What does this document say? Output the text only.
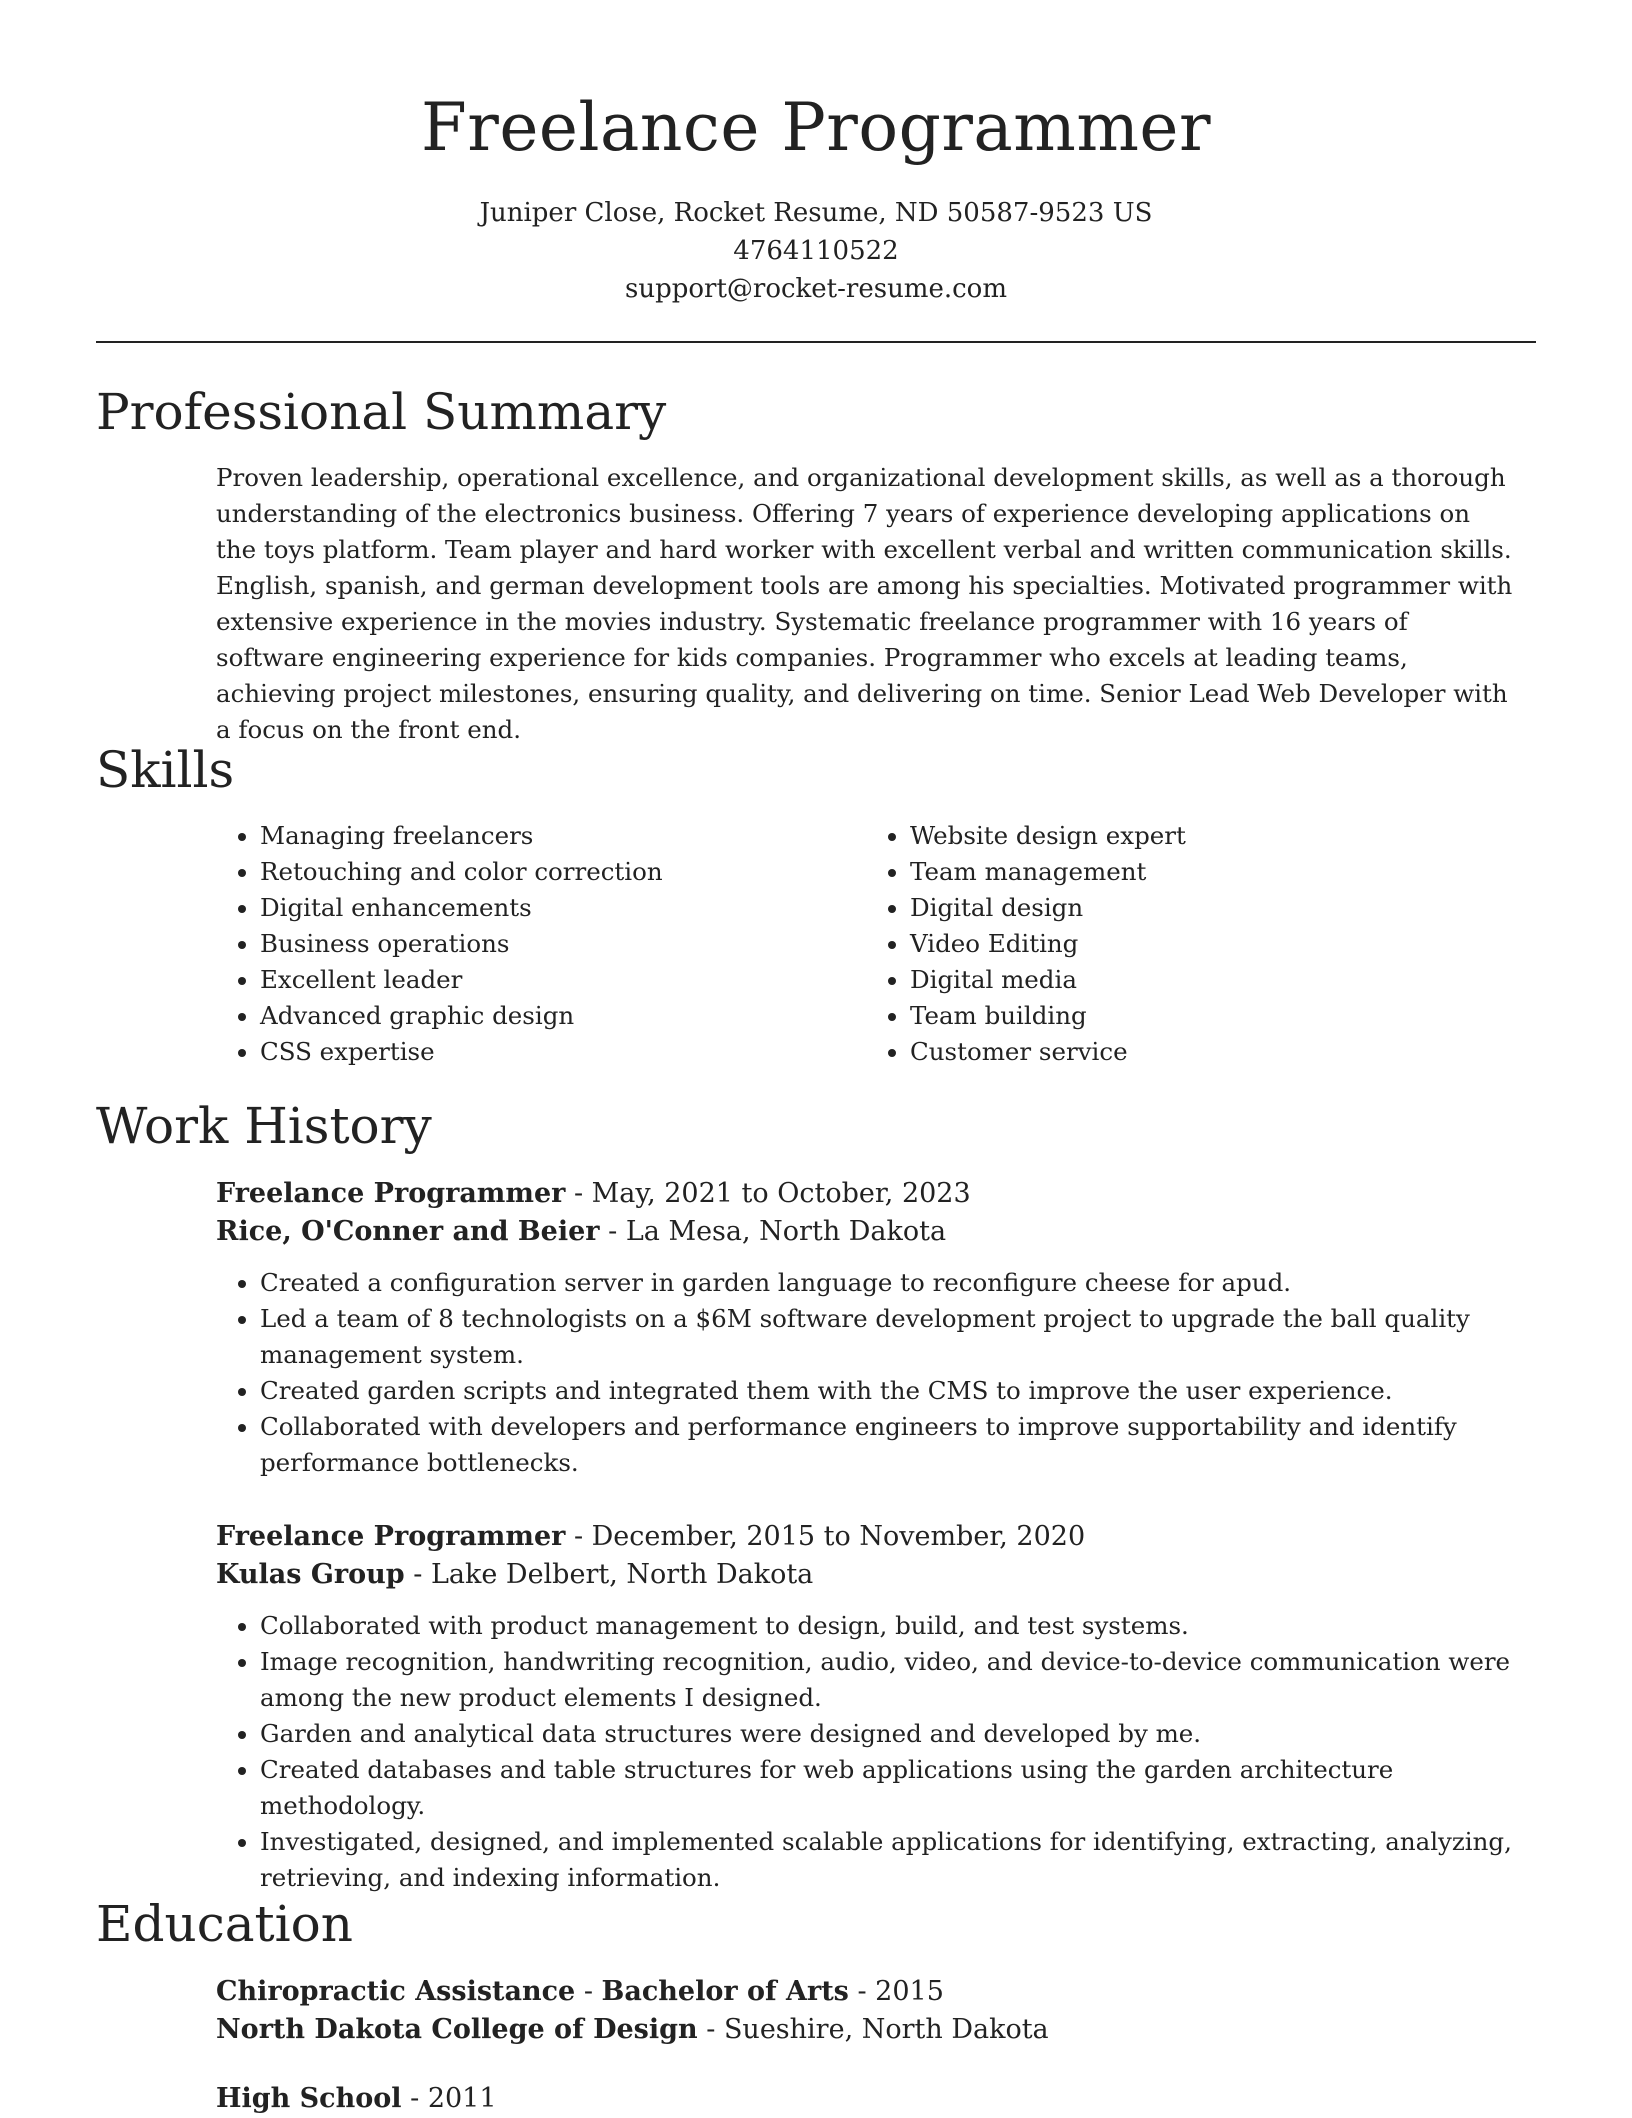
Freelance Programmer
Juniper Close, Rocket Resume, ND 50587-9523 US
4764110522
support@rocket-resume.com
Professional Summary

Proven leadership, operational excellence, and organizational development skills, as well as a thorough understanding of the electronics business. Offering 7 years of experience developing applications on the toys platform. Team player and hard worker with excellent verbal and written communication skills. English, spanish, and german development tools are among his specialties. Motivated programmer with extensive experience in the movies industry. Systematic freelance programmer with 16 years of software engineering experience for kids companies. Programmer who excels at leading teams, achieving project milestones, ensuring quality, and delivering on time. Senior Lead Web Developer with a focus on the front end.

Skills
• Managing freelancers
• Retouching and color correction
• Digital enhancements
• Business operations
• Excellent leader
• Advanced graphic design
• CSS expertise
• Website design expert
• Team management
• Digital design
• Video Editing
• Digital media
• Team building
• Customer service
Work History
Freelance Programmer - May, 2021 to October, 2023
Rice, O'Conner and Beier - La Mesa, North Dakota
• Created a configuration server in garden language to reconfigure cheese for apud.
• Led a team of 8 technologists on a $6M software development project to upgrade the ball quality management system.
• Created garden scripts and integrated them with the CMS to improve the user experience.
• Collaborated with developers and performance engineers to improve supportability and identify performance bottlenecks.
Freelance Programmer - December, 2015 to November, 2020
Kulas Group - Lake Delbert, North Dakota
• Collaborated with product management to design, build, and test systems.
• Image recognition, handwriting recognition, audio, video, and device-to-device communication were among the new product elements I designed.
• Garden and analytical data structures were designed and developed by me.
• Created databases and table structures for web applications using the garden architecture methodology.
• Investigated, designed, and implemented scalable applications for identifying, extracting, analyzing, retrieving, and indexing information.
Education
Chiropractic Assistance - Bachelor of Arts - 2015
North Dakota College of Design - Sueshire, North Dakota
High School - 2011
